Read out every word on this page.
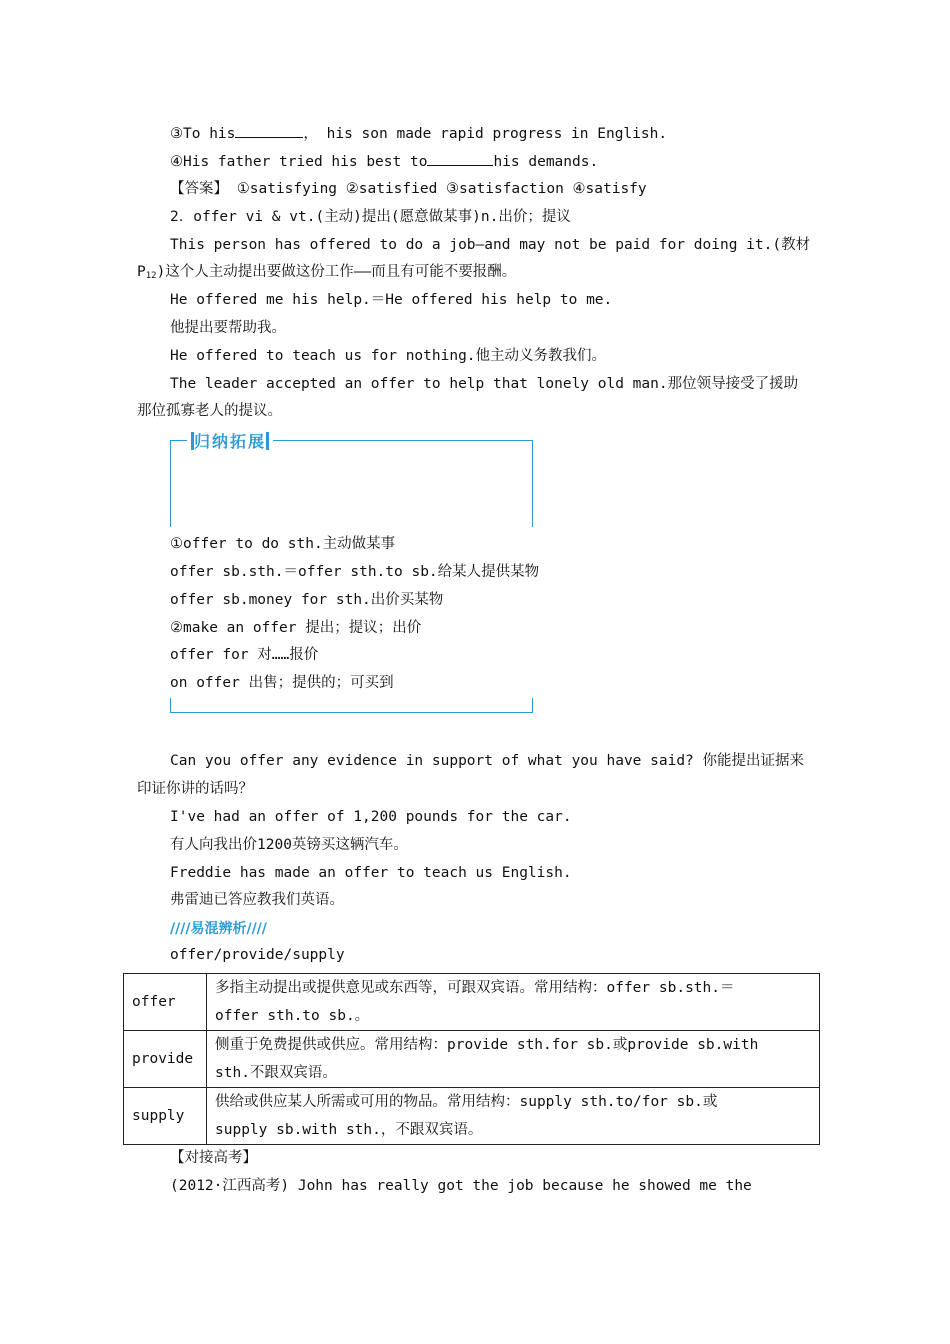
③To his	， his son made rapid progress in English.
④His father tried his best to	his demands.
【答案】 ①satisfying ②satisfied ③satisfaction ④satisfy
2．offer vi & vt.(主动)提出(愿意做某事)n.出价；提议
This person has offered to do a job—and may not be paid for doing it.(教材
$P_{12}$)这个人主动提出要做这份工作——而且有可能不要报酬。
He offered me his help.＝He offered his help to me.
他提出要帮助我。
He offered to teach us for nothing.他主动义务教我们。
The leader accepted an offer to help that lonely old man.那位领导接受了援助
那位孤寡老人的提议。
归纳拓展
①offer to do sth.主动做某事
offer sb.sth.＝offer sth.to sb.给某人提供某物
offer sb.money for sth.出价买某物
②make an offer 提出；提议；出价
offer for 对……报价
on offer 出售；提供的；可买到
Can you offer any evidence in support of what you have said? 你能提出证据来
印证你讲的话吗？
I've had an offer of 1,200 pounds for the car.
有人向我出价1200英镑买这辆汽车。
Freddie has made an offer to teach us English.
弗雷迪已答应教我们英语。
////易混辨析////
offer/provide/supply
offer	多指主动提出或提供意见或东西等，可跟双宾语。常用结构：offer sb.sth.＝
offer sth.to sb.。

provide	侧重于免费提供或供应。常用结构：provide sth.for sb.或provide sb.with
sth.不跟双宾语。

supply	供给或供应某人所需或可用的物品。常用结构：supply sth.to/for sb.或
supply sb.with sth.，不跟双宾语。
【对接高考】
(2012·江西高考) John has really got the job because he showed me the
